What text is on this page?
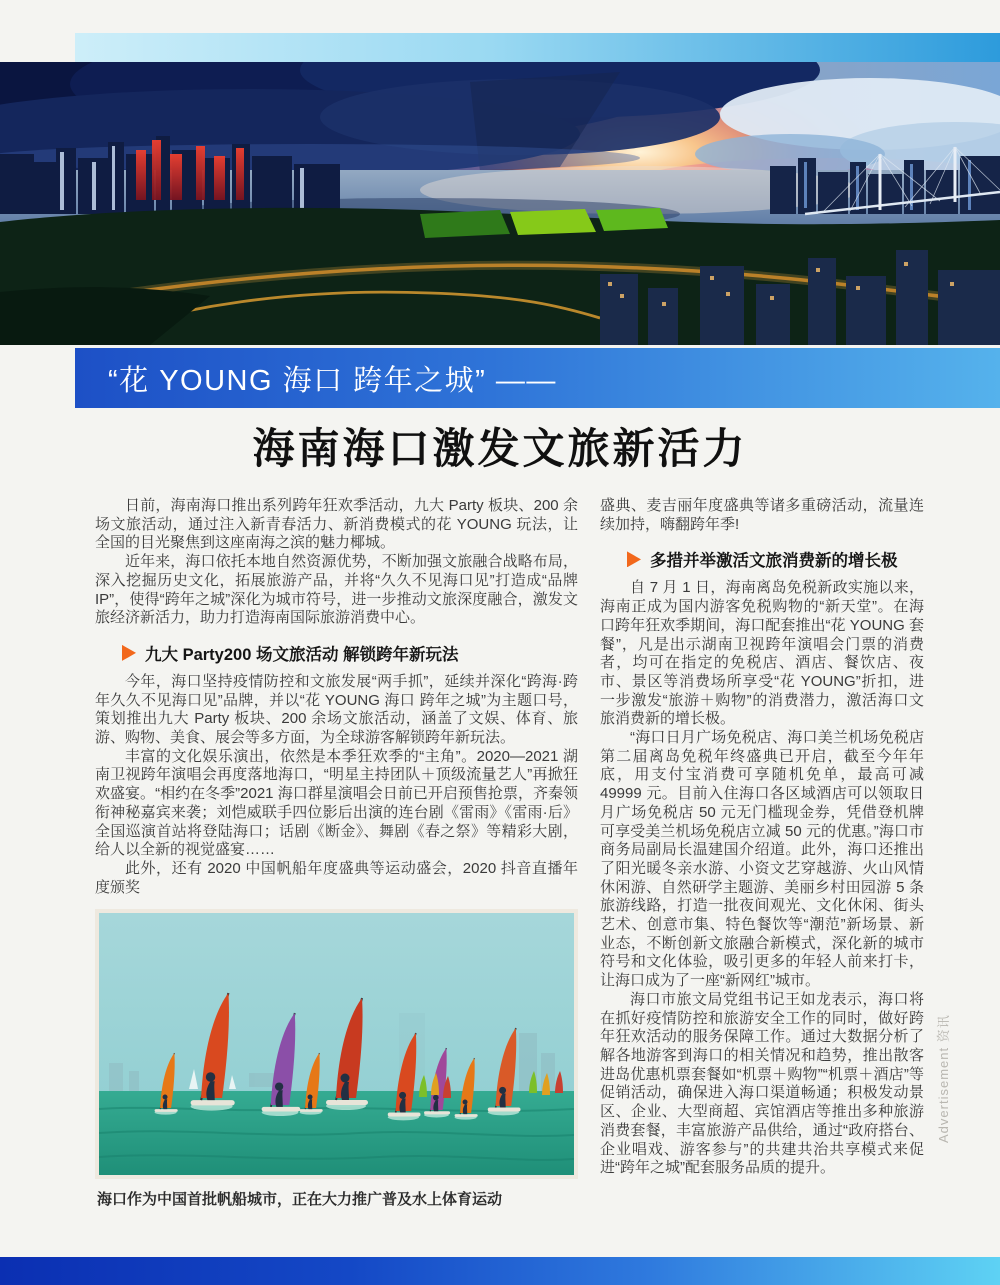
“花 YOUNG 海口 跨年之城” ——
海南海口激发文旅新活力

日前，海南海口推出系列跨年狂欢季活动，九大 Party 板块、200 余场文旅活动，通过注入新青春活力、新消费模式的花 YOUNG 玩法，让全国的目光聚焦到这座南海之滨的魅力椰城。

近年来，海口依托本地自然资源优势，不断加强文旅融合战略布局，深入挖掘历史文化，拓展旅游产品，并将“久久不见海口见”打造成“品牌 IP”，使得“跨年之城”深化为城市符号，进一步推动文旅深度融合，激发文旅经济新活力，助力打造海南国际旅游消费中心。

九大 Party200 场文旅活动 解锁跨年新玩法

今年，海口坚持疫情防控和文旅发展“两手抓”，延续并深化“跨海·跨年久久不见海口见”品牌，并以“花 YOUNG 海口 跨年之城”为主题口号，策划推出九大 Party 板块、200 余场文旅活动，涵盖了文娱、体育、旅游、购物、美食、展会等多方面，为全球游客解锁跨年新玩法。

丰富的文化娱乐演出，依然是本季狂欢季的“主角”。2020—2021 湖南卫视跨年演唱会再度落地海口，“明星主持团队＋顶级流量艺人”再掀狂欢盛宴。“相约在冬季”2021 海口群星演唱会日前已开启预售抢票，齐秦领衔神秘嘉宾来袭；刘恺威联手四位影后出演的连台剧《雷雨》《雷雨·后》全国巡演首站将登陆海口；话剧《断金》、舞剧《春之祭》等精彩大剧，给人以全新的视觉盛宴……

此外，还有 2020 中国帆船年度盛典等运动盛会，2020 抖音直播年度颁奖

海口作为中国首批帆船城市，正在大力推广普及水上体育运动

盛典、麦吉丽年度盛典等诸多重磅活动，流量连续加持，嗨翻跨年季!

多措并举激活文旅消费新的增长极

自 7 月 1 日，海南离岛免税新政实施以来，海南正成为国内游客免税购物的“新天堂”。在海口跨年狂欢季期间，海口配套推出“花 YOUNG 套餐”，凡是出示湖南卫视跨年演唱会门票的消费者，均可在指定的免税店、酒店、餐饮店、夜市、景区等消费场所享受“花 YOUNG”折扣，进一步激发“旅游＋购物”的消费潜力，激活海口文旅消费新的增长极。

“海口日月广场免税店、海口美兰机场免税店第二届离岛免税年终盛典已开启，截至今年年底，用支付宝消费可享随机免单，最高可减 49999 元。目前入住海口各区域酒店可以领取日月广场免税店 50 元无门槛现金券，凭借登机牌可享受美兰机场免税店立减 50 元的优惠。”海口市商务局副局长温建国介绍道。此外，海口还推出了阳光暖冬亲水游、小资文艺穿越游、火山风情休闲游、自然研学主题游、美丽乡村田园游 5 条旅游线路，打造一批夜间观光、文化休闲、街头艺术、创意市集、特色餐饮等“潮范”新场景、新业态，不断创新文旅融合新模式，深化新的城市符号和文化体验，吸引更多的年轻人前来打卡，让海口成为了一座“新网红”城市。

海口市旅文局党组书记王如龙表示，海口将在抓好疫情防控和旅游安全工作的同时，做好跨年狂欢活动的服务保障工作。通过大数据分析了解各地游客到海口的相关情况和趋势，推出散客进岛优惠机票套餐如“机票＋购物”“机票＋酒店”等促销活动，确保进入海口渠道畅通；积极发动景区、企业、大型商超、宾馆酒店等推出多种旅游消费套餐，丰富旅游产品供给，通过“政府搭台、企业唱戏、游客参与”的共建共治共享模式来促进“跨年之城”配套服务品质的提升。

Advertisement 资讯
